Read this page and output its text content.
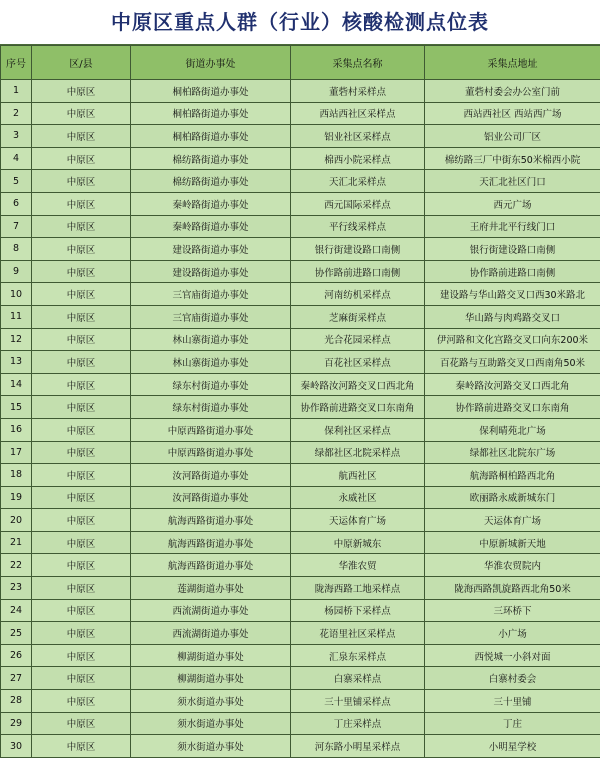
中原区重点人群（行业）核酸检测点位表
序号	区/县	街道办事处	采集点名称	采集点地址
1	中原区	桐柏路街道办事处	董砦村采样点	董砦村委会办公室门前
2	中原区	桐柏路街道办事处	西站西社区采样点	西站西社区 西站西广场
3	中原区	桐柏路街道办事处	铝业社区采样点	铝业公司厂区
4	中原区	棉纺路街道办事处	棉西小院采样点	棉纺路三厂中街东50米棉西小院
5	中原区	棉纺路街道办事处	天汇北采样点	天汇北社区门口
6	中原区	秦岭路街道办事处	西元国际采样点	西元广场
7	中原区	秦岭路街道办事处	平行线采样点	王府井北平行线门口
8	中原区	建设路街道办事处	银行街建设路口南侧	银行街建设路口南侧
9	中原区	建设路街道办事处	协作路前进路口南侧	协作路前进路口南侧
10	中原区	三官庙街道办事处	河南纺机采样点	建设路与华山路交叉口西30米路北
11	中原区	三官庙街道办事处	芝麻街采样点	华山路与肉鸡路交叉口
12	中原区	林山寨街道办事处	光合花园采样点	伊河路和文化宫路交叉口向东200米
13	中原区	林山寨街道办事处	百花社区采样点	百花路与互助路交叉口西南角50米
14	中原区	绿东村街道办事处	秦岭路汝河路交叉口西北角	秦岭路汝河路交叉口西北角
15	中原区	绿东村街道办事处	协作路前进路交叉口东南角	协作路前进路交叉口东南角
16	中原区	中原西路街道办事处	保利社区采样点	保利晴苑北广场
17	中原区	中原西路街道办事处	绿都社区北院采样点	绿都社区北院东广场
18	中原区	汝河路街道办事处	航西社区	航海路桐柏路西北角
19	中原区	汝河路街道办事处	永威社区	欧丽路永威新城东门
20	中原区	航海西路街道办事处	天运体育广场	天运体育广场
21	中原区	航海西路街道办事处	中原新城东	中原新城新天地
22	中原区	航海西路街道办事处	华淮农贸	华淮农贸院内
23	中原区	莲湖街道办事处	陇海西路工地采样点	陇海西路凯旋路西北角50米
24	中原区	西流湖街道办事处	杨园桥下采样点	三环桥下
25	中原区	西流湖街道办事处	花语里社区采样点	小广场
26	中原区	柳湖街道办事处	汇泉东采样点	西悦城一小斜对面
27	中原区	柳湖街道办事处	白寨采样点	白寨村委会
28	中原区	须水街道办事处	三十里铺采样点	三十里铺
29	中原区	须水街道办事处	丁庄采样点	丁庄
30	中原区	须水街道办事处	河东路小明星采样点	小明星学校
